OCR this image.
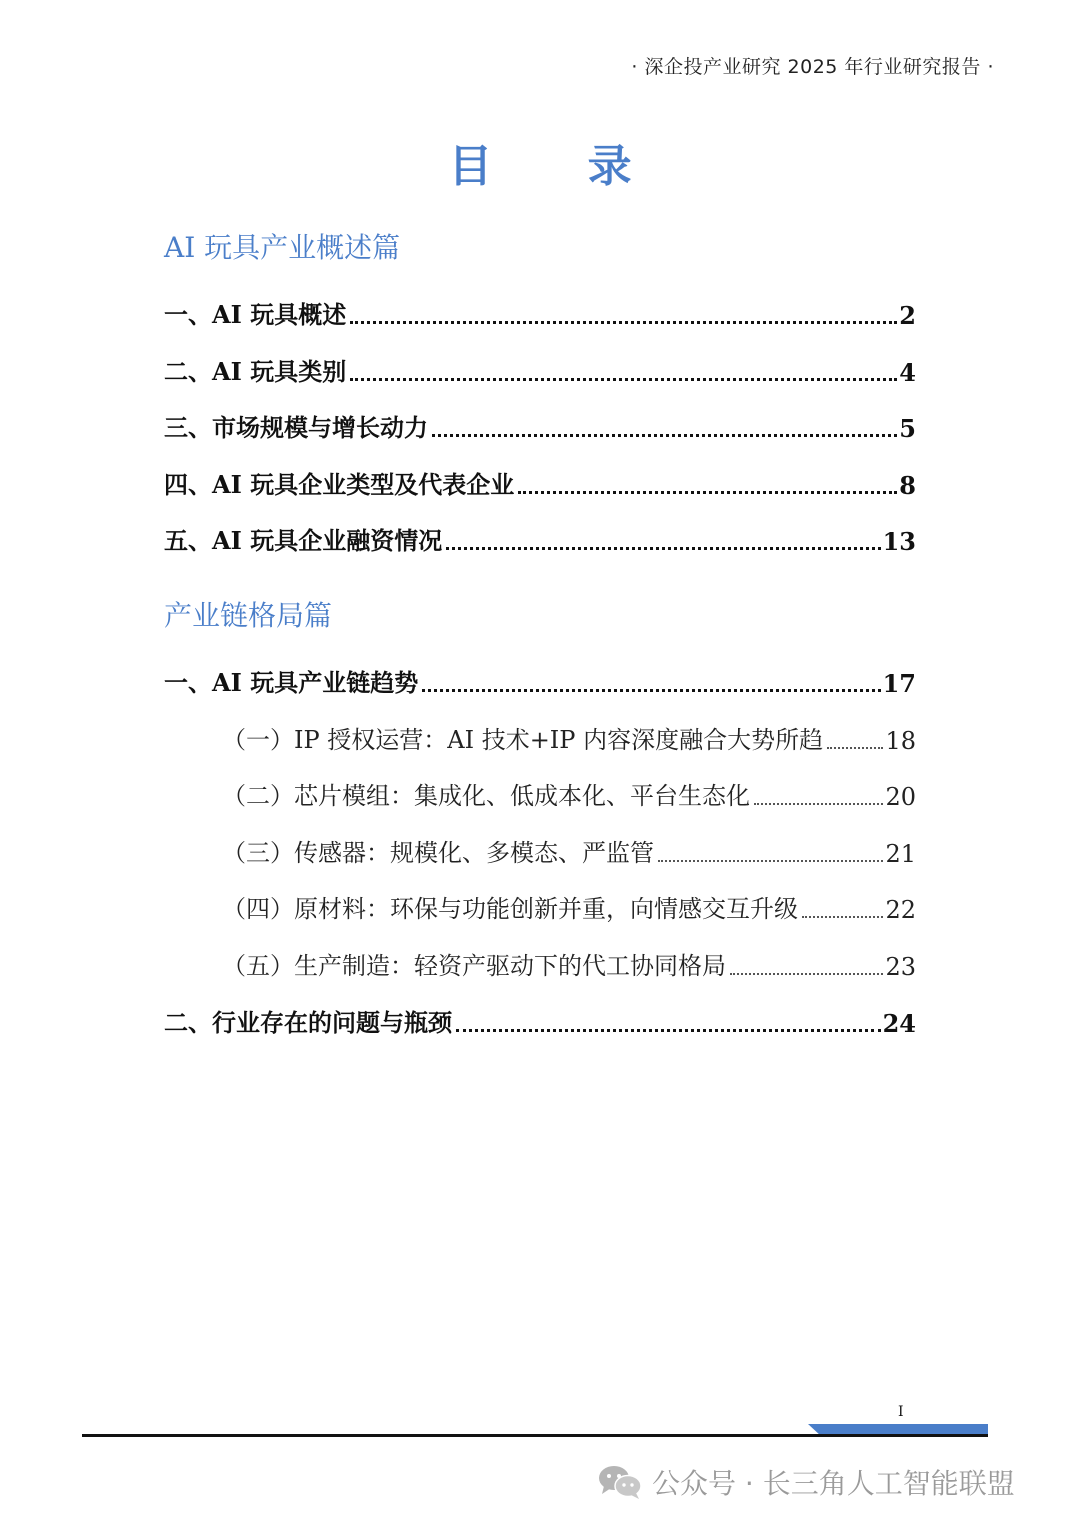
· 深企投产业研究 2025 年行业研究报告 ·
目 录
AI 玩具产业概述篇
一、AI 玩具概述	2
二、AI 玩具类别	4
三、市场规模与增长动力	5
四、AI 玩具企业类型及代表企业	8
五、AI 玩具企业融资情况	13
产业链格局篇
一、AI 玩具产业链趋势	17
（一）IP 授权运营：AI 技术+IP 内容深度融合大势所趋	18
（二）芯片模组：集成化、低成本化、平台生态化	20
（三）传感器：规模化、多模态、严监管	21
（四）原材料：环保与功能创新并重，向情感交互升级	22
（五）生产制造：轻资产驱动下的代工协同格局	23
二、行业存在的问题与瓶颈	24
I
公众号 · 长三角人工智能联盟
